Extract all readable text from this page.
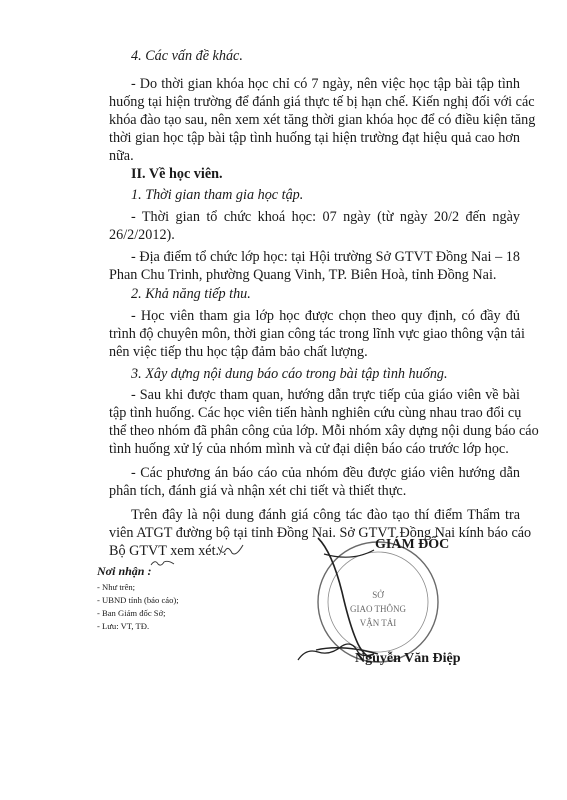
4. Các vấn đề khác.
- Do thời gian khóa học chỉ có 7 ngày, nên việc học tập bài tập tình
huống tại hiện trường để đánh giá thực tế bị hạn chế. Kiến nghị đối với các
khóa đào tạo sau, nên xem xét tăng thời gian khóa học để có điều kiện tăng
thời gian học tập bài tập tình huống tại hiện trường đạt hiệu quả cao hơn
nữa.
II. Về học viên.
1. Thời gian tham gia học tập.
- Thời gian tổ chức khoá học: 07 ngày (từ ngày 20/2 đến ngày
26/2/2012).
- Địa điểm tổ chức lớp học: tại Hội trường Sở GTVT Đồng Nai – 18
Phan Chu Trinh, phường Quang Vinh, TP. Biên Hoà, tỉnh Đồng Nai.
2. Khả năng tiếp thu.
- Học viên tham gia lớp học được chọn theo quy định, có đầy đủ
trình độ chuyên môn, thời gian công tác trong lĩnh vực giao thông vận tải
nên việc tiếp thu học tập đảm bảo chất lượng.
3. Xây dựng nội dung báo cáo trong bài tập tình huống.
- Sau khi được tham quan, hướng dẫn trực tiếp của giáo viên về bài
tập tình huống. Các học viên tiến hành nghiên cứu cùng nhau trao đổi cụ
thể theo nhóm đã phân công của lớp. Mỗi nhóm xây dựng nội dung báo cáo
tình huống xử lý của nhóm mình và cử đại diện báo cáo trước lớp học.
- Các phương án báo cáo của nhóm đều được giáo viên hướng dẫn
phân tích, đánh giá và nhận xét chi tiết và thiết thực.
Trên đây là nội dung đánh giá công tác đào tạo thí điểm Thẩm tra
viên ATGT đường bộ tại tỉnh Đồng Nai. Sở GTVT Đồng Nai kính báo cáo
Bộ GTVT xem xét./.
Nơi nhận :
- Như trên;
- UBND tỉnh (báo cáo);
- Ban Giám đốc Sở;
- Lưu: VT, TĐ.
SỞ
GIAO THÔNG
VẬN TẢI
GIÁM ĐỐC
Nguyễn Văn Điệp
